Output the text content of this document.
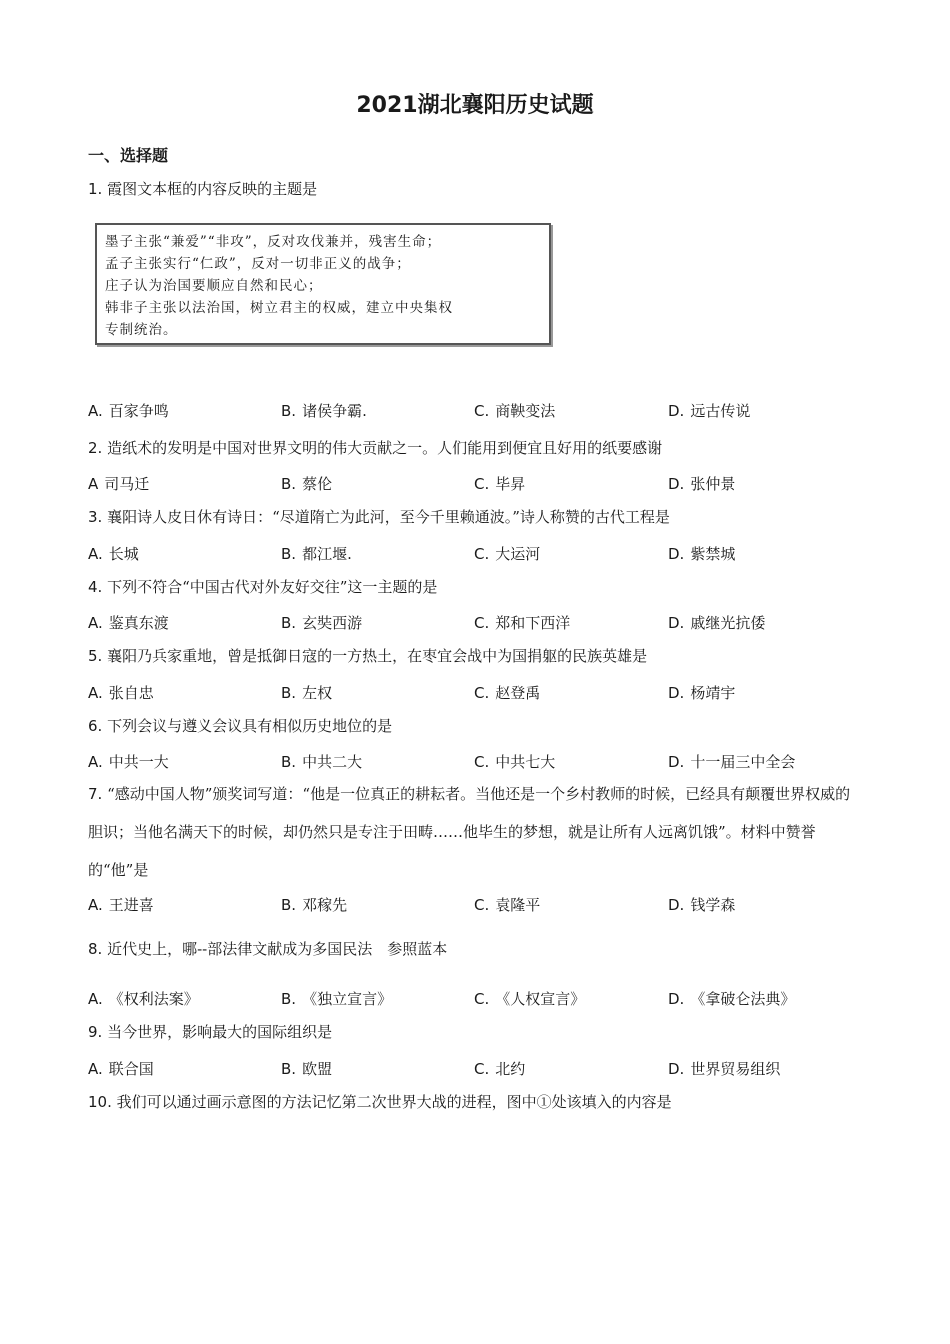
2021湖北襄阳历史试题
一、选择题
1. 霞图文本框的内容反映的主题是
墨子主张“兼爱”“非攻”，反对攻伐兼并，残害生命；
孟子主张实行“仁政”，反对一切非正义的战争；
庄子认为治国要顺应自然和民心；
韩非子主张以法治国，树立君主的权威，建立中央集权
专制统治。
A. 百家争鸣	B. 诸侯争霸.	C. 商鞅变法	D. 远古传说
2. 造纸术的发明是中国对世界文明的伟大贡献之一。人们能用到便宜且好用的纸要感谢
A 司马迁	B. 蔡伦	C. 毕昇	D. 张仲景
3. 襄阳诗人皮日休有诗日：“尽道隋亡为此河，至今千里赖通波。”诗人称赞的古代工程是
A. 长城	B. 都江堰.	C. 大运河	D. 紫禁城
4. 下列不符合“中国古代对外友好交往”这一主题的是
A. 鉴真东渡	B. 玄奘西游	C. 郑和下西洋	D. 戚继光抗倭
5. 襄阳乃兵家重地，曾是抵御日寇的一方热土，在枣宜会战中为国捐躯的民族英雄是
A. 张自忠	B. 左权	C. 赵登禹	D. 杨靖宇
6. 下列会议与遵义会议具有相似历史地位的是
A. 中共一大	B. 中共二大	C. 中共七大	D. 十一届三中全会
7. “感动中国人物”颁奖词写道：“他是一位真正的耕耘者。当他还是一个乡村教师的时候，已经具有颠覆世界权威的胆识；当他名满天下的时候，却仍然只是专注于田畴……他毕生的梦想，就是让所有人远离饥饿”。材料中赞誉的“他”是
A. 王进喜	B. 邓稼先	C. 袁隆平	D. 钱学森
8. 近代史上，哪--部法律文献成为多国民法　参照蓝本
A. 《权利法案》	B. 《独立宣言》	C. 《人权宣言》	D. 《拿破仑法典》
9. 当今世界，影响最大的国际组织是
A. 联合国	B. 欧盟	C. 北约	D. 世界贸易组织
10. 我们可以通过画示意图的方法记忆第二次世界大战的进程，图中①处该填入的内容是
